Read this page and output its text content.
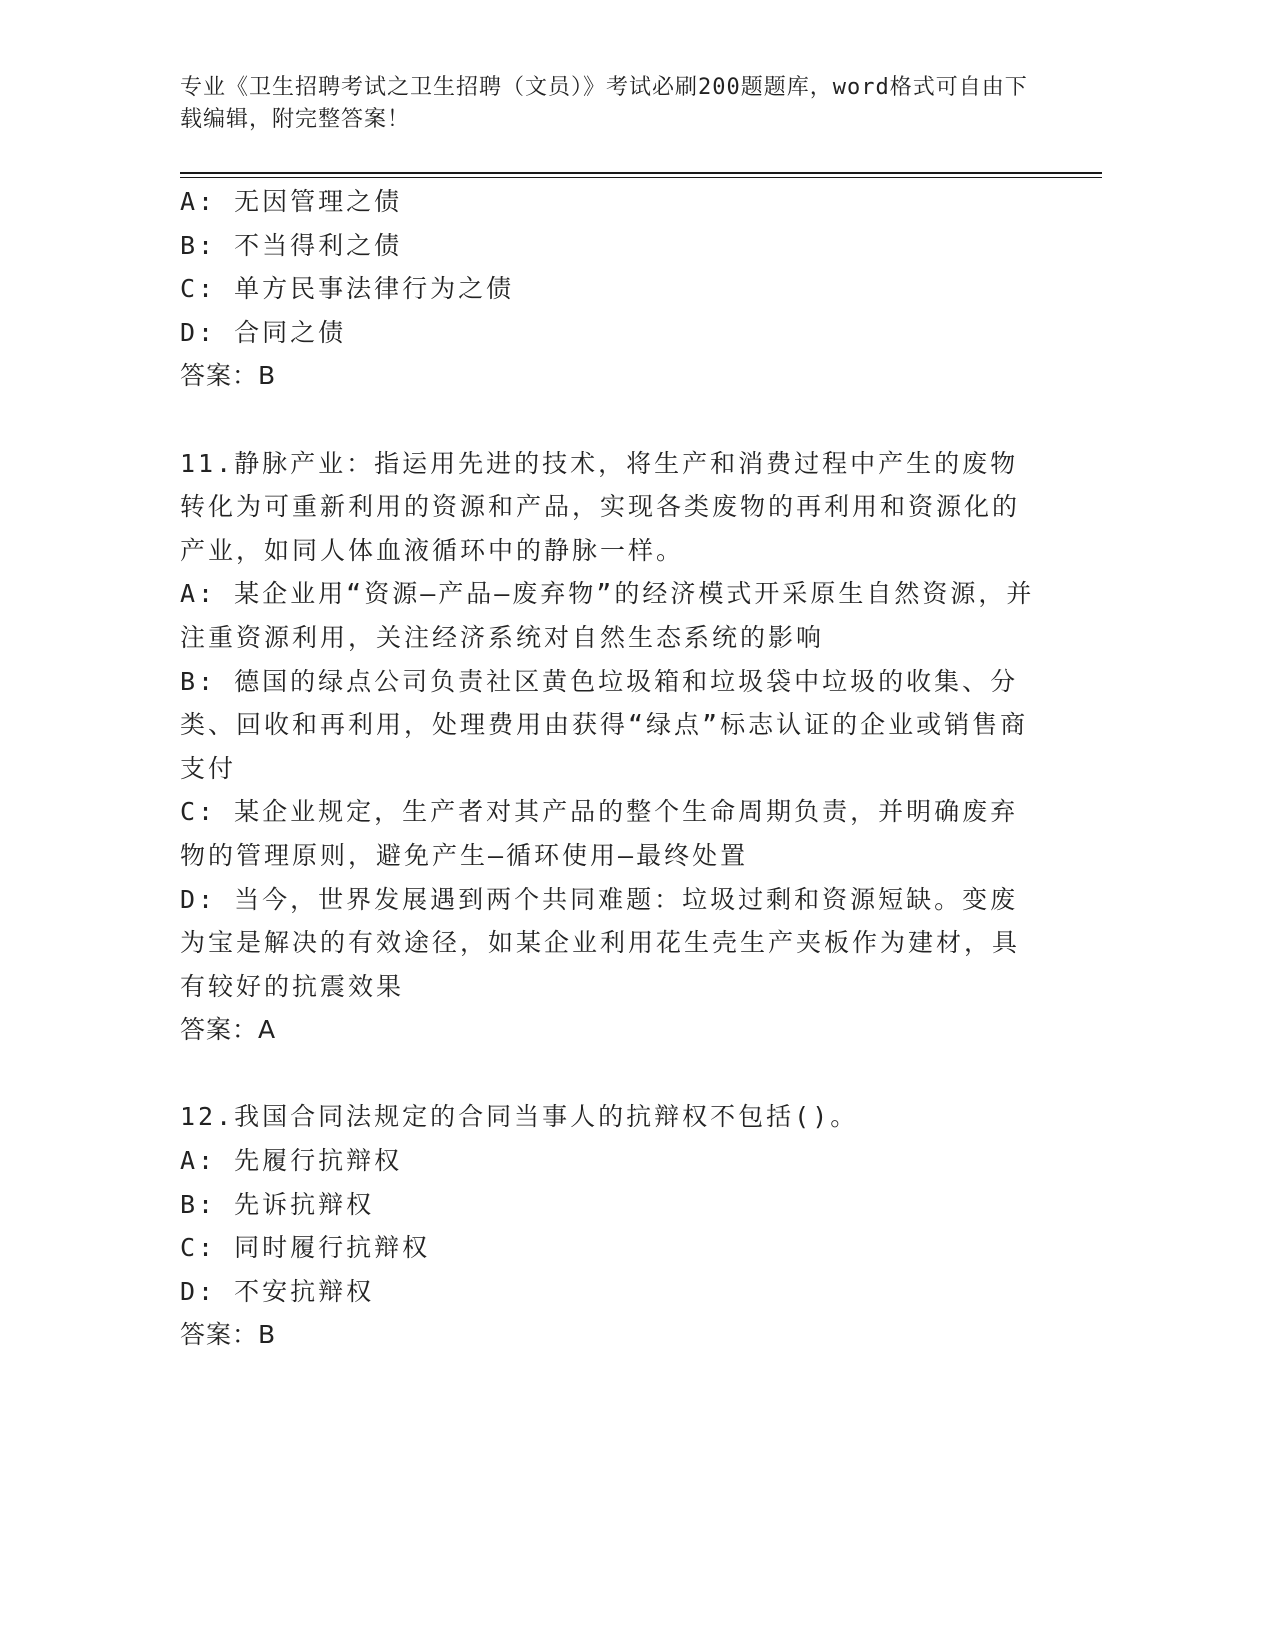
专业《卫生招聘考试之卫生招聘（文员）》考试必刷200题题库，word格式可自由下载编辑，附完整答案！
A: 无因管理之债
B: 不当得利之债
C: 单方民事法律行为之债
D: 合同之债
答案：B
11.静脉产业：指运用先进的技术，将生产和消费过程中产生的废物转化为可重新利用的资源和产品，实现各类废物的再利用和资源化的产业，如同人体血液循环中的静脉一样。
A: 某企业用“资源—产品—废弃物”的经济模式开采原生自然资源，并注重资源利用，关注经济系统对自然生态系统的影响
B: 德国的绿点公司负责社区黄色垃圾箱和垃圾袋中垃圾的收集、分类、回收和再利用，处理费用由获得“绿点”标志认证的企业或销售商支付
C: 某企业规定，生产者对其产品的整个生命周期负责，并明确废弃物的管理原则，避免产生—循环使用—最终处置
D: 当今，世界发展遇到两个共同难题：垃圾过剩和资源短缺。变废为宝是解决的有效途径，如某企业利用花生壳生产夹板作为建材，具有较好的抗震效果
答案：A
12.我国合同法规定的合同当事人的抗辩权不包括()。
A: 先履行抗辩权
B: 先诉抗辩权
C: 同时履行抗辩权
D: 不安抗辩权
答案：B
